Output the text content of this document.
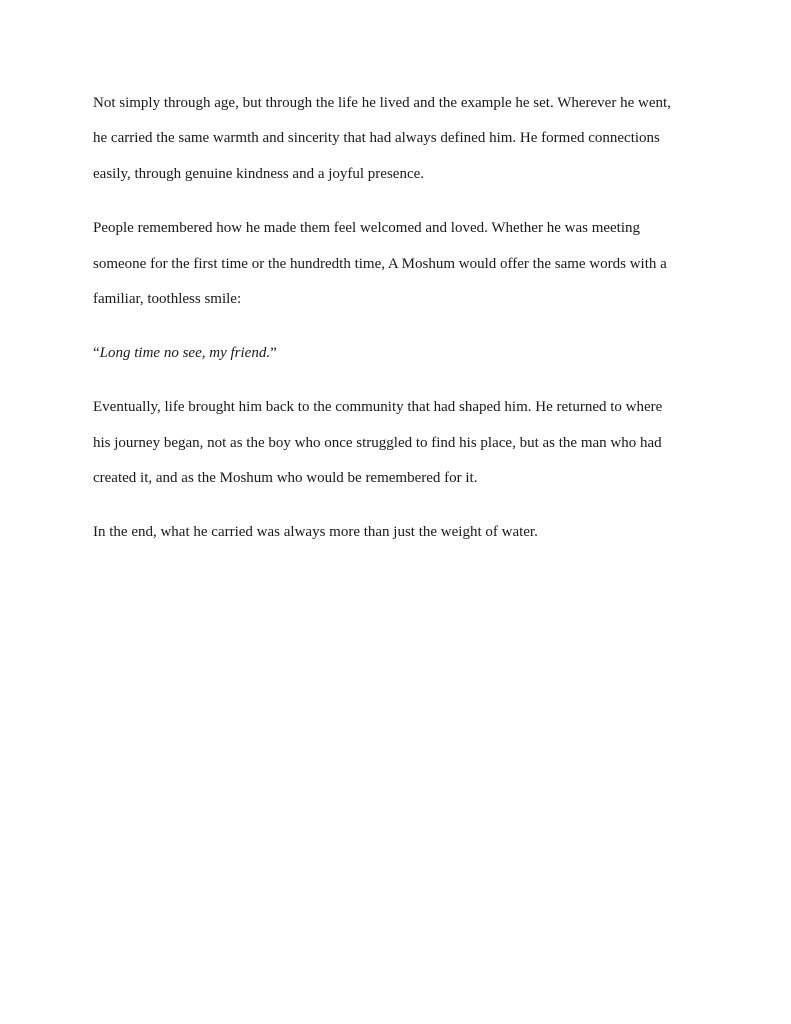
Not simply through age, but through the life he lived and the example he set. Wherever he went,
he carried the same warmth and sincerity that had always defined him. He formed connections
easily, through genuine kindness and a joyful presence.
People remembered how he made them feel welcomed and loved. Whether he was meeting
someone for the first time or the hundredth time, A Moshum would offer the same words with a
familiar, toothless smile:
“Long time no see, my friend.”
Eventually, life brought him back to the community that had shaped him. He returned to where
his journey began, not as the boy who once struggled to find his place, but as the man who had
created it, and as the Moshum who would be remembered for it.
In the end, what he carried was always more than just the weight of water.
